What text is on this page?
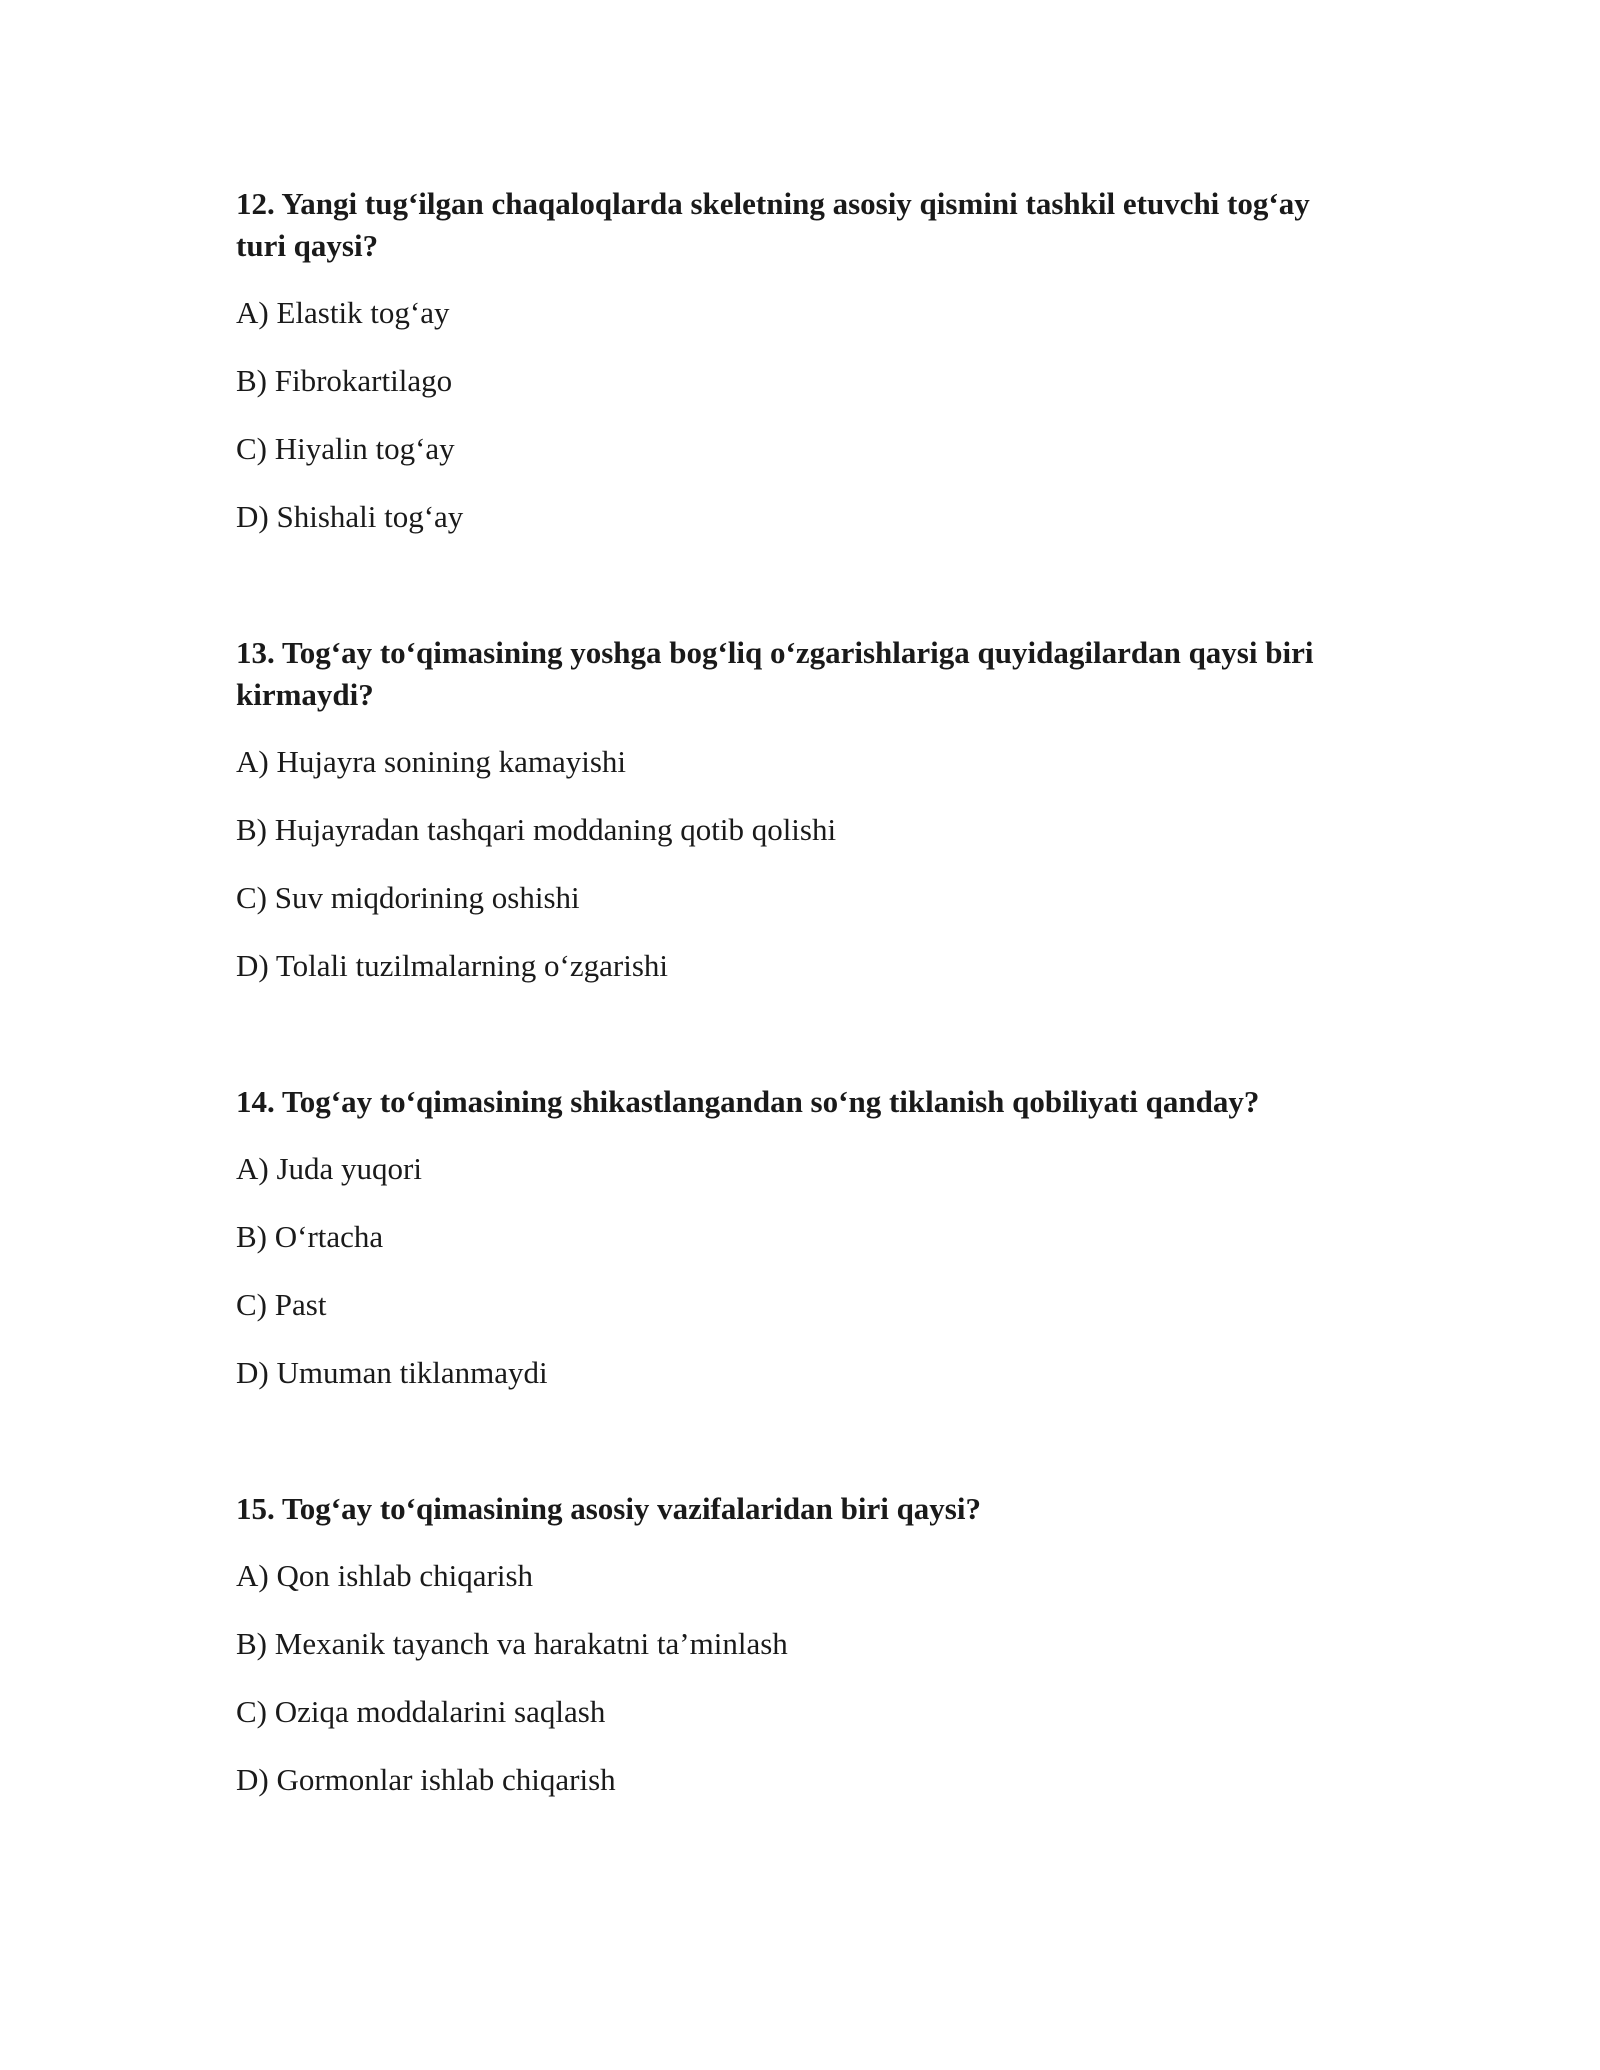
12. Yangi tug‘ilgan chaqaloqlarda skeletning asosiy qismini tashkil etuvchi tog‘ay turi qaysi?

A) Elastik tog‘ay
B) Fibrokartilago
C) Hiyalin tog‘ay
D) Shishali tog‘ay

13. Tog‘ay to‘qimasining yoshga bog‘liq o‘zgarishlariga quyidagilardan qaysi biri kirmaydi?

A) Hujayra sonining kamayishi
B) Hujayradan tashqari moddaning qotib qolishi
C) Suv miqdorining oshishi
D) Tolali tuzilmalarning o‘zgarishi

14. Tog‘ay to‘qimasining shikastlangandan so‘ng tiklanish qobiliyati qanday?

A) Juda yuqori
B) O‘rtacha
C) Past
D) Umuman tiklanmaydi

15. Tog‘ay to‘qimasining asosiy vazifalaridan biri qaysi?

A) Qon ishlab chiqarish
B) Mexanik tayanch va harakatni ta’minlash
C) Oziqa moddalarini saqlash
D) Gormonlar ishlab chiqarish
